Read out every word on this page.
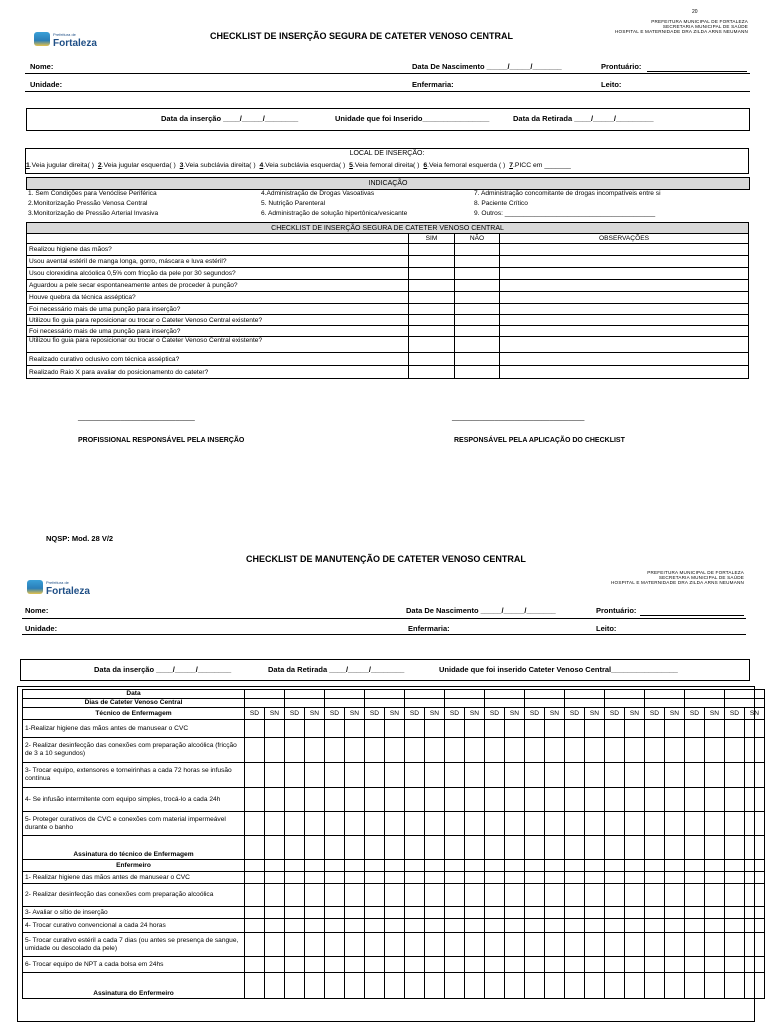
20
Prefeitura de
Fortaleza
CHECKLIST DE INSERÇÃO SEGURA DE CATETER VENOSO CENTRAL
PREFEITURA MUNICIPAL DE FORTALEZA
SECRETARIA MUNICIPAL DE SAÚDE
HOSPITAL E MATERNIDADE DRA ZILDA ARNS NEUMANN
Nome:	Data De Nascimento _____/_____/_______	Prontuário:
Unidade:	Enfermaria:	Leito:
Data da inserção ____/_____/________	Unidade que foi Inserido________________	Data da Retirada ____/_____/_________
LOCAL DE INSERÇÃO:
1.Veia jugular direita( ) 2.Veia jugular esquerda( ) 3.Veia subclávia direita( ) 4.Veia subclávia esquerda( ) 5.Veia femoral direita( ) 6.Veia femoral esquerda ( ) 7.PICC em _______
INDICAÇÃO
1. Sem Condições para Venóclise Periférica	4.Administração de Drogas Vasoativas	7. Administração concomitante de drogas incompatíveis entre si
2.Monitorização Pressão Venosa Central	5. Nutrição Parenteral	8. Paciente Crítico
3.Monitorização de Pressão Arterial Invasiva	6. Administração de solução hipertônica/vesicante	9. Outros: _________________________________________
CHECKLIST DE INSERÇÃO SEGURA DE CATETER VENOSO CENTRAL			
	SIM	NÃO	OBSERVAÇÕES
Realizou higiene das mãos?			
Usou avental estéril de manga longa, gorro, máscara e luva estéril?			
Usou clorexidina alcóolica 0,5% com fricção da pele por 30 segundos?			
Aguardou a pele secar espontaneamente antes de proceder à punção?			
Houve quebra da técnica asséptica?			
Foi necessário mais de uma punção para inserção?			
Utilizou fio guia para reposicionar ou trocar o Cateter Venoso Central existente?			
Foi necessário mais de uma punção para inserção?			
Utilizou fio guia para reposicionar ou trocar o Cateter Venoso Central existente?			
Realizado curativo oclusivo com técnica asséptica?			
Realizado Raio X para avaliar do posicionamento do cateter?			
______________________________	__________________________________
PROFISSIONAL RESPONSÁVEL PELA INSERÇÃO	RESPONSÁVEL PELA APLICAÇÃO DO CHECKLIST
NQSP: Mod. 28 V/2
CHECKLIST DE MANUTENÇÃO DE CATETER VENOSO CENTRAL
Prefeitura de
Fortaleza
PREFEITURA MUNICIPAL DE FORTALEZA
SECRETARIA MUNICIPAL DE SAÚDE
HOSPITAL E MATERNIDADE DRA ZILDA ARNS NEUMANN
Nome:	Data De Nascimento _____/_____/_______	Prontuário:
Unidade:	Enfermaria:	Leito:
Data da inserção ____/_____/________	Data da Retirada ____/_____/________	Unidade que foi inserido Cateter Venoso Central________________
Data																										
Dias de Cateter Venoso Central																										
Técnico de Enfermagem	SD	SN	SD	SN	SD	SN	SD	SN	SD	SN	SD	SN	SD	SN	SD	SN	SD	SN	SD	SN	SD	SN	SD	SN	SD	SN
1-Realizar higiene das mãos antes de manusear o CVC																										
2- Realizar desinfecção das conexões com preparação alcoólica (fricção de 3 a 10 segundos)																										
3- Trocar equipo, extensores e torneirinhas a cada 72 horas se infusão contínua																										
4- Se infusão intermitente com equipo simples, trocá-lo a cada 24h																										
5- Proteger curativos de CVC e conexões com material impermeável durante o banho																										
Assinatura do técnico de Enfermagem																										
Enfermeiro																										
1- Realizar higiene das mãos antes de manusear o CVC																										
2- Realizar desinfecção das conexões com preparação alcoólica																										
3- Avaliar o sítio de inserção																										
4- Trocar curativo convencional a cada 24 horas																										
5- Trocar curativo estéril a cada 7 dias (ou antes se presença de sangue, umidade ou descolado da pele)																										
6- Trocar equipo de NPT a cada bolsa em 24hs																										
Assinatura do Enfermeiro																										
